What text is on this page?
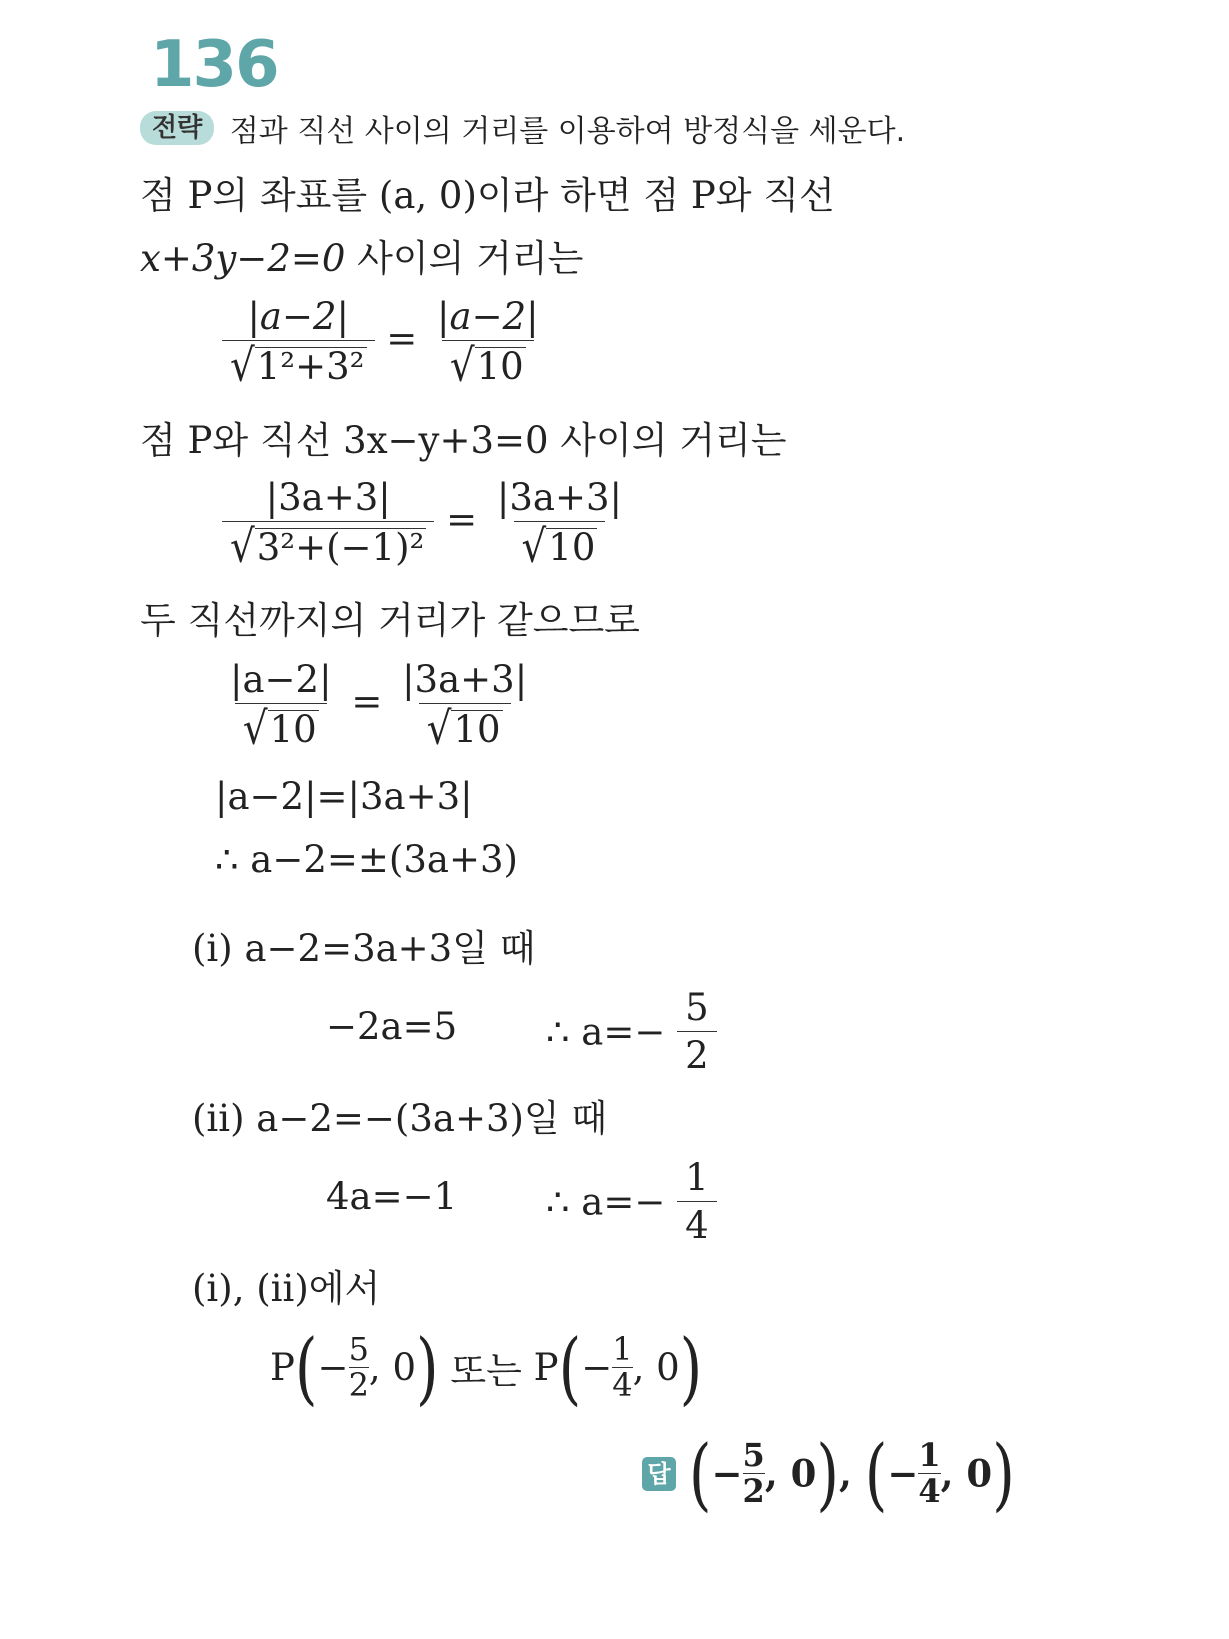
136
전략 점과 직선 사이의 거리를 이용하여 방정식을 세운다.
점 P의 좌표를 (a, 0)이라 하면 점 P와 직선
x+3y−2=0 사이의 거리는
$\frac{|a-2|}{\text{√ 1²+3²}} = \frac{|a-2|}{√ 10}$
점 P와 직선 3x−y+3=0 사이의 거리는
$\frac{|3a+3|}{\text{√ 3²+(−1)²}} = \frac{|3a+3|}{√ 10}$
두 직선까지의 거리가 같으므로
$\frac{|a-2|}{√ 10} = \frac{|3a+3|}{√ 10}$
|a−2|=|3a+3|
∴ a−2=±(3a+3)
(ⅰ) a−2=3a+3일 때
−2a=5 ∴ $a=- \frac{5}{2}$
(ⅱ) a−2=−(3a+3)일 때
4a=−1 ∴ $a=- \frac{1}{4}$
(ⅰ), (ⅱ)에서
$P(- \frac{5}{2}$ , 0) 또는 $P(- \frac{1}{4}$ , 0)
답 (− $\frac{5}{2}$ , 0), (− $\frac{1}{4}$ , 0)
